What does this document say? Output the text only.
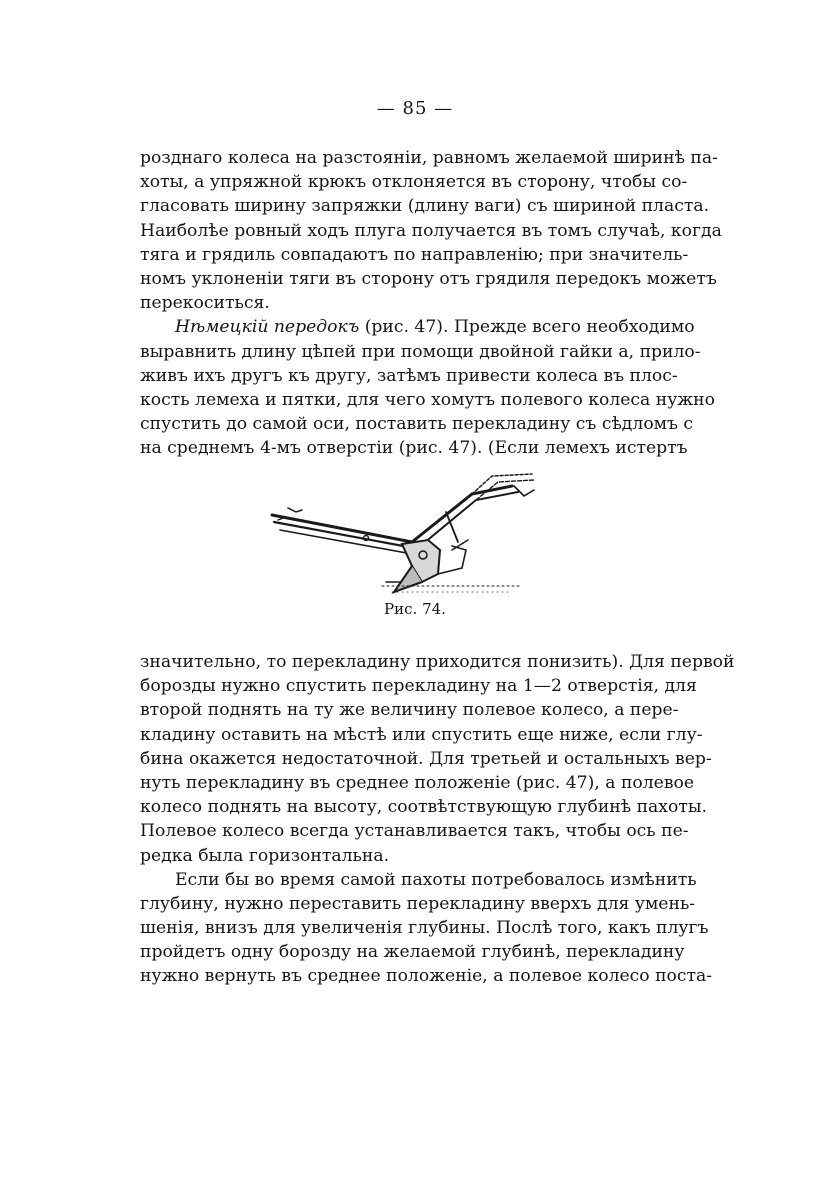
— 85 —
розднаго колеса на разстояніи, равномъ желаемой ширинѣ па-
хоты, а упряжной крюкъ отклоняется въ сторону, чтобы со-
гласовать ширину запряжки (длину ваги) съ шириной пласта.
Наиболѣе ровный ходъ плуга получается въ томъ случаѣ, когда
тяга и грядиль совпадаютъ по направленію; при значитель-
номъ уклоненіи тяги въ сторону отъ грядиля передокъ можетъ
перекоситься.
Нѣмецкій передокъ (рис. 47). Прежде всего необходимо
выравнить длину цѣпей при помощи двойной гайки a, прило-
живъ ихъ другъ къ другу, затѣмъ привести колеса въ плос-
кость лемеха и пятки, для чего хомутъ полевого колеса нужно
спустить до самой оси, поставить перекладину съ сѣдломъ c
на среднемъ 4-мъ отверстіи (рис. 47). (Если лемехъ истертъ
Рис. 74.
значительно, то перекладину приходится понизить). Для первой
борозды нужно спустить перекладину на 1—2 отверстія, для
второй поднять на ту же величину полевое колесо, а пере-
кладину оставить на мѣстѣ или спустить еще ниже, если глу-
бина окажется недостаточной. Для третьей и остальныхъ вер-
нуть перекладину въ среднее положеніе (рис. 47), а полевое
колесо поднять на высоту, соотвѣтствующую глубинѣ пахоты.
Полевое колесо всегда устанавливается такъ, чтобы ось пе-
редка была горизонтальна.
Если бы во время самой пахоты потребовалось измѣнить
глубину, нужно переставить перекладину вверхъ для умень-
шенія, внизъ для увеличенія глубины. Послѣ того, какъ плугъ
пройдетъ одну борозду на желаемой глубинѣ, перекладину
нужно вернуть въ среднее положеніе, а полевое колесо поста-
